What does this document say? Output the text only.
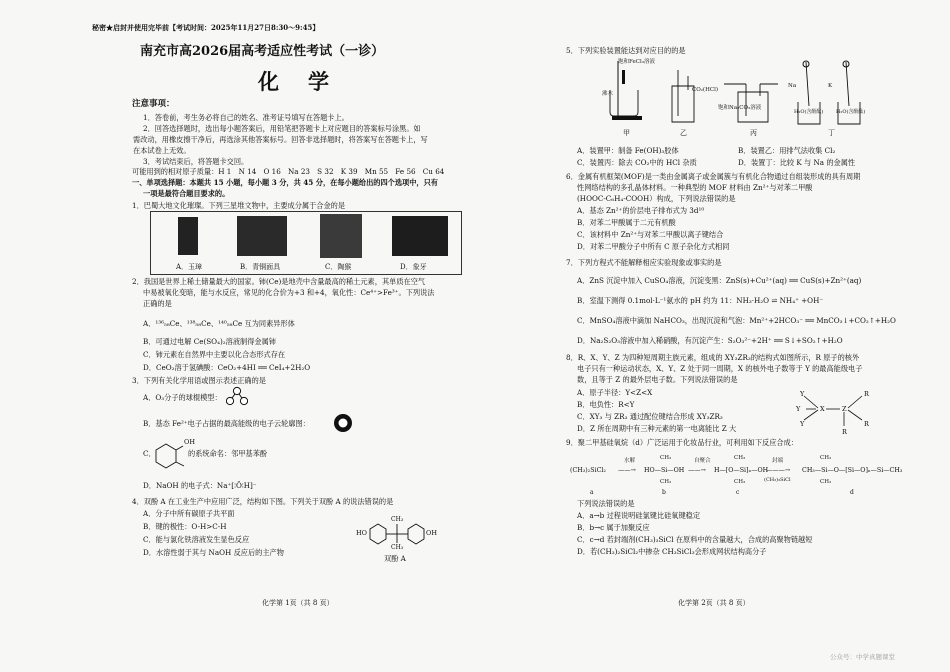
秘密★启封并使用完毕前【考试时间：2025年11月27日8:30～9:45】
南充市高2026届高考适应性考试（一诊）
化　学
注意事项：
1．答卷前，考生务必将自己的姓名、准考证号填写在答题卡上。
2．回答选择题时，选出每小题答案后，用铅笔把答题卡上对应题目的答案标号涂黑。如
需改动，用橡皮擦干净后，再选涂其他答案标号。回答非选择题时，将答案写在答题卡上，写
在本试卷上无效。
3．考试结束后，将答题卡交回。
可能用到的相对原子质量：H 1　N 14　O 16　Na 23　S 32　K 39　Mn 55　Fe 56　Cu 64
一、单项选择题：本题共 15 小题，每小题 3 分，共 45 分，在每小题给出的四个选项中，只有
一项是最符合题目要求的。
1．巴蜀大地文化璀璨。下列三星堆文物中，主要成分属于合金的是
A．玉璋	B．青铜面具	C．陶猴	D．象牙
2．我国是世界上稀土储量最大的国家。铈(Ce)是地壳中含量最高的稀土元素，其单质在空气
中易被氧化变暗，能与水反应，常见的化合价为+3 和+4，氧化性：Ce⁴⁺>Fe³⁺。下列说法
正确的是
A．¹³⁶₅₈Ce、¹³⁸₅₈Ce、¹⁴⁰₅₈Ce 互为同素异形体
B．可通过电解 Ce(SO₄)₂溶液制得金属铈
C．铈元素在自然界中主要以化合态形式存在
D．CeO₂溶于氢碘酸：CeO₂+4HI ══ CeI₄+2H₂O
3．下列有关化学用语或图示表述正确的是
A．O₃分子的球棍模型：
B．基态 Fe²⁺电子占据的最高能级的电子云轮廓图：
OH
C．　　　　　的系统命名：邻甲基苯酚
D．NaOH 的电子式：Na⁺[∶Ö∶H]⁻
4．双酚 A 在工业生产中应用广泛，结构如下图。下列关于双酚 A 的说法错误的是
A．分子中所有碳原子共平面
B．键的极性：O-H>C-H
C．能与氯化铁溶液发生显色反应
D．水溶性弱于其与 NaOH 反应后的主产物
HO	OH
CH₃
CH₃
双酚 A
化学第 1页（共 8 页）
5．下列实验装置能达到对应目的的是
饱和FeCl₃溶液
沸水
CO₂(HCl)
饱和Na₂CO₃溶液
Na	K
H₂O(含酚酞)	H₂O(含酚酞)
甲	乙	丙	丁
A．装置甲：制备 Fe(OH)₃胶体	B．装置乙：用排气法收集 Cl₂
C．装置丙：除去 CO₂中的 HCl 杂质	D．装置丁：比较 K 与 Na 的金属性
6．金属有机框架(MOF)是一类由金属离子或金属簇与有机化合物通过自组装形成的具有周期
性网络结构的多孔晶体材料。一种典型的 MOF 材料由 Zn²⁺与对苯二甲酸
(HOOC-C₆H₄-COOH）构成，下列说法错误的是
A．基态 Zn²⁺的价层电子排布式为 3d¹⁰
B．对苯二甲酸属于二元有机酸
C．该材料中 Zn²⁺与对苯二甲酸以离子键结合
D．对苯二甲酸分子中所有 C 原子杂化方式相同
7．下列方程式不能解释相应实验现象或事实的是
A．ZnS 沉淀中加入 CuSO₄溶液，沉淀变黑：ZnS(s)+Cu²⁺(aq) ══ CuS(s)+Zn²⁺(aq)
B．室温下测得 0.1mol·L⁻¹氨水的 pH 约为 11：NH₃·H₂O ⇌ NH₄⁺ +OH⁻
C．MnSO₄溶液中滴加 NaHCO₃，出现沉淀和气泡：Mn²⁺+2HCO₃⁻ ══ MnCO₃↓+CO₂↑+H₂O
D．Na₂S₂O₃溶液中加入稀硝酸，有沉淀产生：S₂O₃²⁻+2H⁺ ══ S↓+SO₂↑+H₂O
8．R、X、Y、Z 为四种短周期主族元素，组成的 XY₃ZR₃的结构式如图所示，R 原子的核外
电子只有一种运动状态，X、Y、Z 处于同一周期，X 的核外电子数等于 Y 的最高能级电子
数，且等于 Z 的最外层电子数。下列说法错误的是
A．原子半径：Y<Z<X
B．电负性：R<Y
C．XY₃ 与 ZR₃ 通过配位键结合形成 XY₃ZR₃
D．Z 所在周期中有三种元素的第一电离能比 Z 大
Y
Y
Y
X	Z
R
R
R
9．聚二甲基硅氧烷（d）广泛运用于化妆品行业，可利用如下反应合成：
(CH₃)₂SiCl₂
水解
——→ HO—Si—OH
CH₃
CH₃
自聚合
——→ H—[O—Si]ₙ—OH
CH₃
CH₃
封端
———→
(CH₃)₃SiCl
CH₃—Si—O—[Si—O]ₙ—Si—CH₃
CH₃
CH₃
a	b	c	d
下列说法错误的是
A．a→b 过程说明硅氯键比硅氧键稳定
B．b→c 属于加聚反应
C．c→d 若封端剂(CH₃)₃SiCl 在原料中的含量越大，合成的高聚物链越短
D．若(CH₃)₂SiCl₂中掺杂 CH₃SiCl₃会形成网状结构高分子
化学第 2页（共 8 页）
公众号：中学真题课堂
